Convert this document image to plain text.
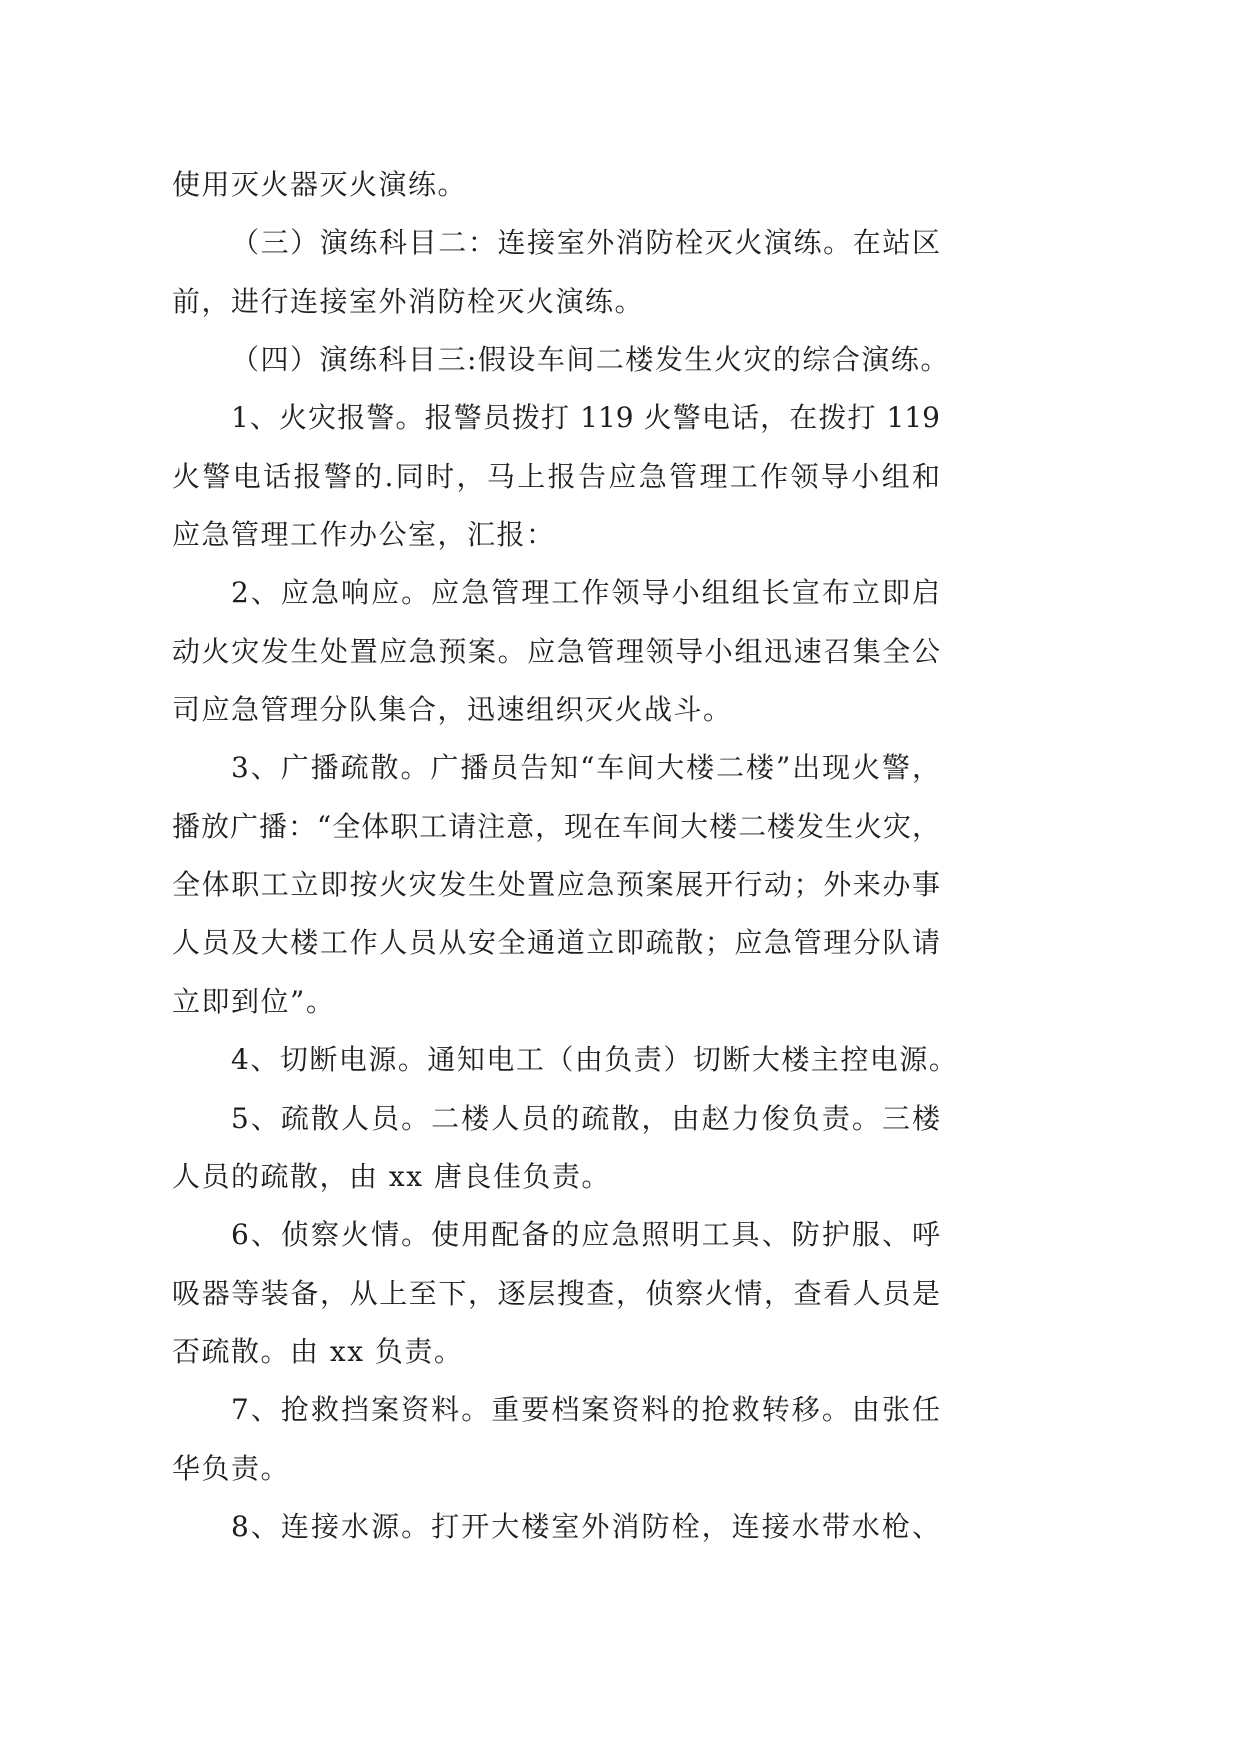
使用灭火器灭火演练。
（三）演练科目二：连接室外消防栓灭火演练。在站区
前，进行连接室外消防栓灭火演练。
（四）演练科目三:假设车间二楼发生火灾的综合演练。
1、火灾报警。报警员拨打 119 火警电话，在拨打 119
火警电话报警的.同时，马上报告应急管理工作领导小组和
应急管理工作办公室，汇报：
2、应急响应。应急管理工作领导小组组长宣布立即启
动火灾发生处置应急预案。应急管理领导小组迅速召集全公
司应急管理分队集合，迅速组织灭火战斗。
3、广播疏散。广播员告知“车间大楼二楼”出现火警，
播放广播：“全体职工请注意，现在车间大楼二楼发生火灾，
全体职工立即按火灾发生处置应急预案展开行动；外来办事
人员及大楼工作人员从安全通道立即疏散；应急管理分队请
立即到位”。
4、切断电源。通知电工（由负责）切断大楼主控电源。
5、疏散人员。二楼人员的疏散，由赵力俊负责。三楼
人员的疏散，由 xx 唐良佳负责。
6、侦察火情。使用配备的应急照明工具、防护服、呼
吸器等装备，从上至下，逐层搜查，侦察火情，查看人员是
否疏散。由 xx 负责。
7、抢救挡案资料。重要档案资料的抢救转移。由张任
华负责。
8、连接水源。打开大楼室外消防栓，连接水带水枪、
